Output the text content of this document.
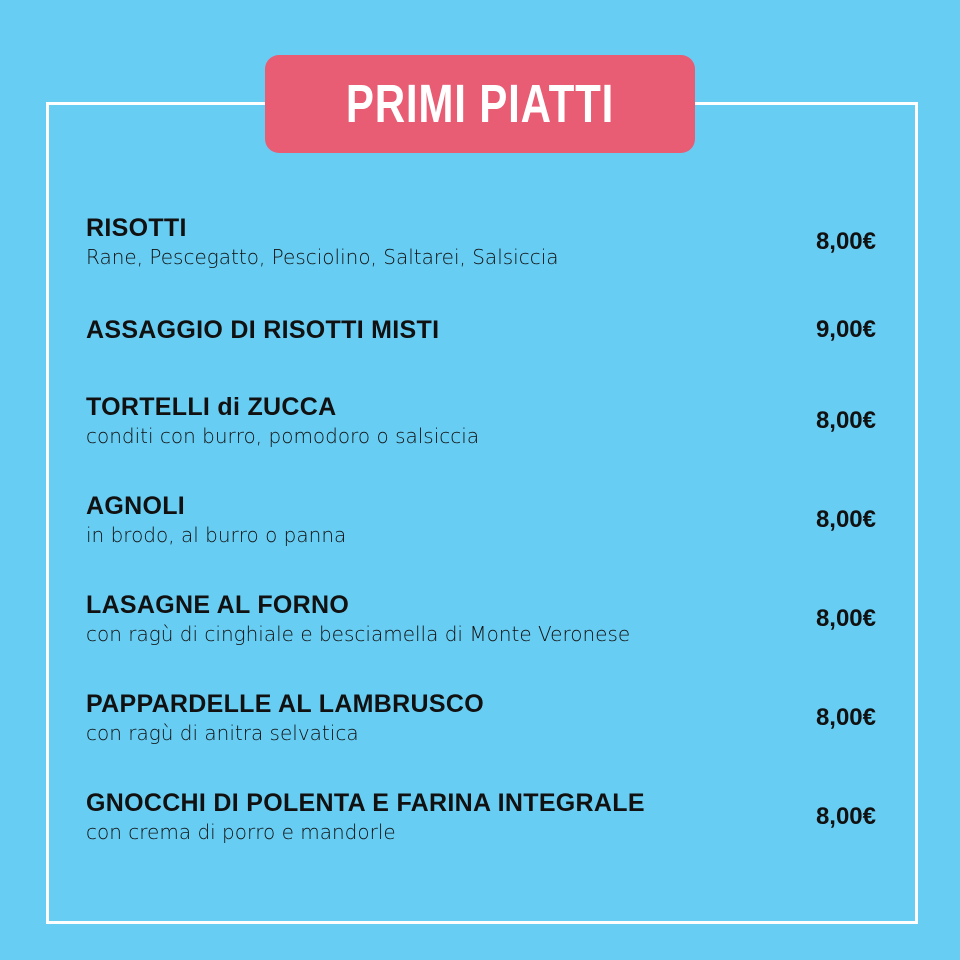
PRIMI PIATTI
RISOTTI
Rane, Pescegatto, Pesciolino, Saltarei, Salsiccia
8,00€
ASSAGGIO DI RISOTTI MISTI	9,00€
TORTELLI di ZUCCA
conditi con burro, pomodoro o salsiccia
8,00€
AGNOLI
in brodo, al burro o panna
8,00€
LASAGNE AL FORNO
con ragù di cinghiale e besciamella di Monte Veronese
8,00€
PAPPARDELLE AL LAMBRUSCO
con ragù di anitra selvatica
8,00€
GNOCCHI DI POLENTA E FARINA INTEGRALE
con crema di porro e mandorle
8,00€
